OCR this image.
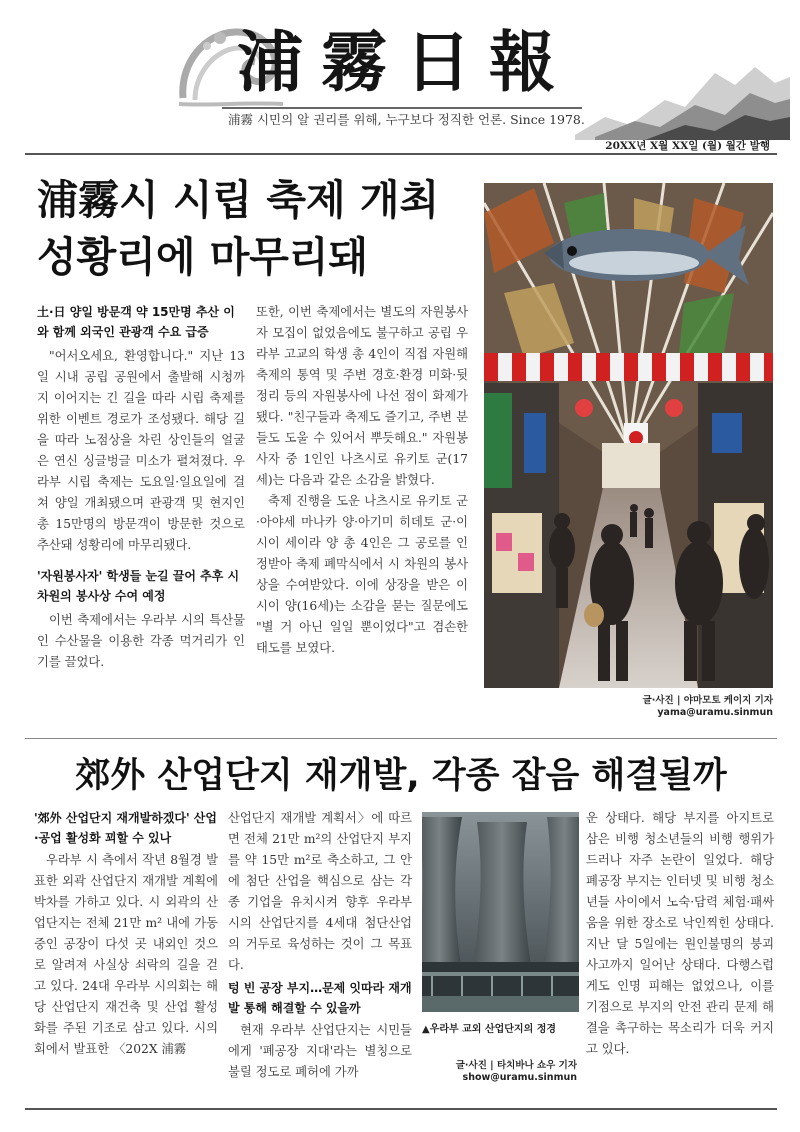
浦霧日報
浦霧 시민의 알 권리를 위해, 누구보다 정직한 언론. Since 1978.
20XX년 X월 XX일 (월) 월간 발행
浦霧시 시립 축제 개최
성황리에 마무리돼
土·日 양일 방문객 약 15만명 추산 이와 함께 외국인 관광객 수요 급증

"어서오세요, 환영합니다." 지난 13일 시내 공립 공원에서 출발해 시청까지 이어지는 긴 길을 따라 시립 축제를 위한 이벤트 경로가 조성됐다. 해당 길을 따라 노점상을 차린 상인들의 얼굴은 연신 싱글벙글 미소가 펼쳐졌다. 우라부 시립 축제는 도요일·일요일에 걸쳐 양일 개최됐으며 관광객 및 현지인 총 15만명의 방문객이 방문한 것으로 추산돼 성황리에 마무리됐다.

'자원봉사자' 학생들 눈길 끌어 추후 시 차원의 봉사상 수여 예정

이번 축제에서는 우라부 시의 특산물인 수산물을 이용한 각종 먹거리가 인기를 끌었다.

또한, 이번 축제에서는 별도의 자원봉사자 모집이 없었음에도 불구하고 공립 우라부 고교의 학생 총 4인이 직접 자원해 축제의 통역 및 주변 경호·환경 미화·뒷정리 등의 자원봉사에 나선 점이 화제가 됐다. "친구들과 축제도 즐기고, 주변 분들도 도울 수 있어서 뿌듯해요." 자원봉사자 중 1인인 나츠시로 유키토 군(17세)는 다음과 같은 소감을 밝혔다.

축제 진행을 도운 나츠시로 유키토 군·아야세 마나카 양·아기미 히데토 군·이시이 세이라 양 총 4인은 그 공로를 인정받아 축제 폐막식에서 시 차원의 봉사상을 수여받았다. 이에 상장을 받은 이시이 양(16세)는 소감을 묻는 질문에도 "별 거 아닌 일일 뿐이었다"고 겸손한 태도를 보였다.

글·사진 | 야마모토 케이지 기자
yama@uramu.sinmun
郊外 산업단지 재개발, 각종 잡음 해결될까
'郊外 산업단지 재개발하겠다' 산업·공업 활성화 꾀할 수 있나

우라부 시 측에서 작년 8월경 발표한 외곽 산업단지 재개발 계획에 박차를 가하고 있다. 시 외곽의 산업단지는 전체 21만 m² 내에 가동 중인 공장이 다섯 곳 내외인 것으로 알려져 사실상 쇠락의 길을 걷고 있다. 24대 우라부 시의회는 해당 산업단지 재건축 및 산업 활성화를 주된 기조로 삼고 있다. 시의회에서 발표한 〈202X 浦霧

산업단지 재개발 계획서〉에 따르면 전체 21만 m²의 산업단지 부지를 약 15만 m²로 축소하고, 그 안에 첨단 산업을 핵심으로 삼는 각종 기업을 유치시켜 향후 우라부 시의 산업단지를 4세대 첨단산업의 거두로 육성하는 것이 그 목표다.

텅 빈 공장 부지…문제 잇따라 재개발 통해 해결할 수 있을까

현재 우라부 산업단지는 시민들에게 '폐공장 지대'라는 별칭으로 불릴 정도로 폐허에 가까

▲우라부 교외 산업단지의 정경
글·사진 | 타치바나 쇼우 기자
show@uramu.sinmun

운 상태다. 해당 부지를 아지트로 삼은 비행 청소년들의 비행 행위가 드러나 자주 논란이 일었다. 해당 폐공장 부지는 인터넷 및 비행 청소년들 사이에서 노숙·담력 체험·패싸움을 위한 장소로 낙인찍힌 상태다. 지난 달 5일에는 원인불명의 붕괴 사고까지 일어난 상태다. 다행스럽게도 인명 피해는 없었으나, 이를 기점으로 부지의 안전 관리 문제 해결을 촉구하는 목소리가 더욱 커지고 있다.
